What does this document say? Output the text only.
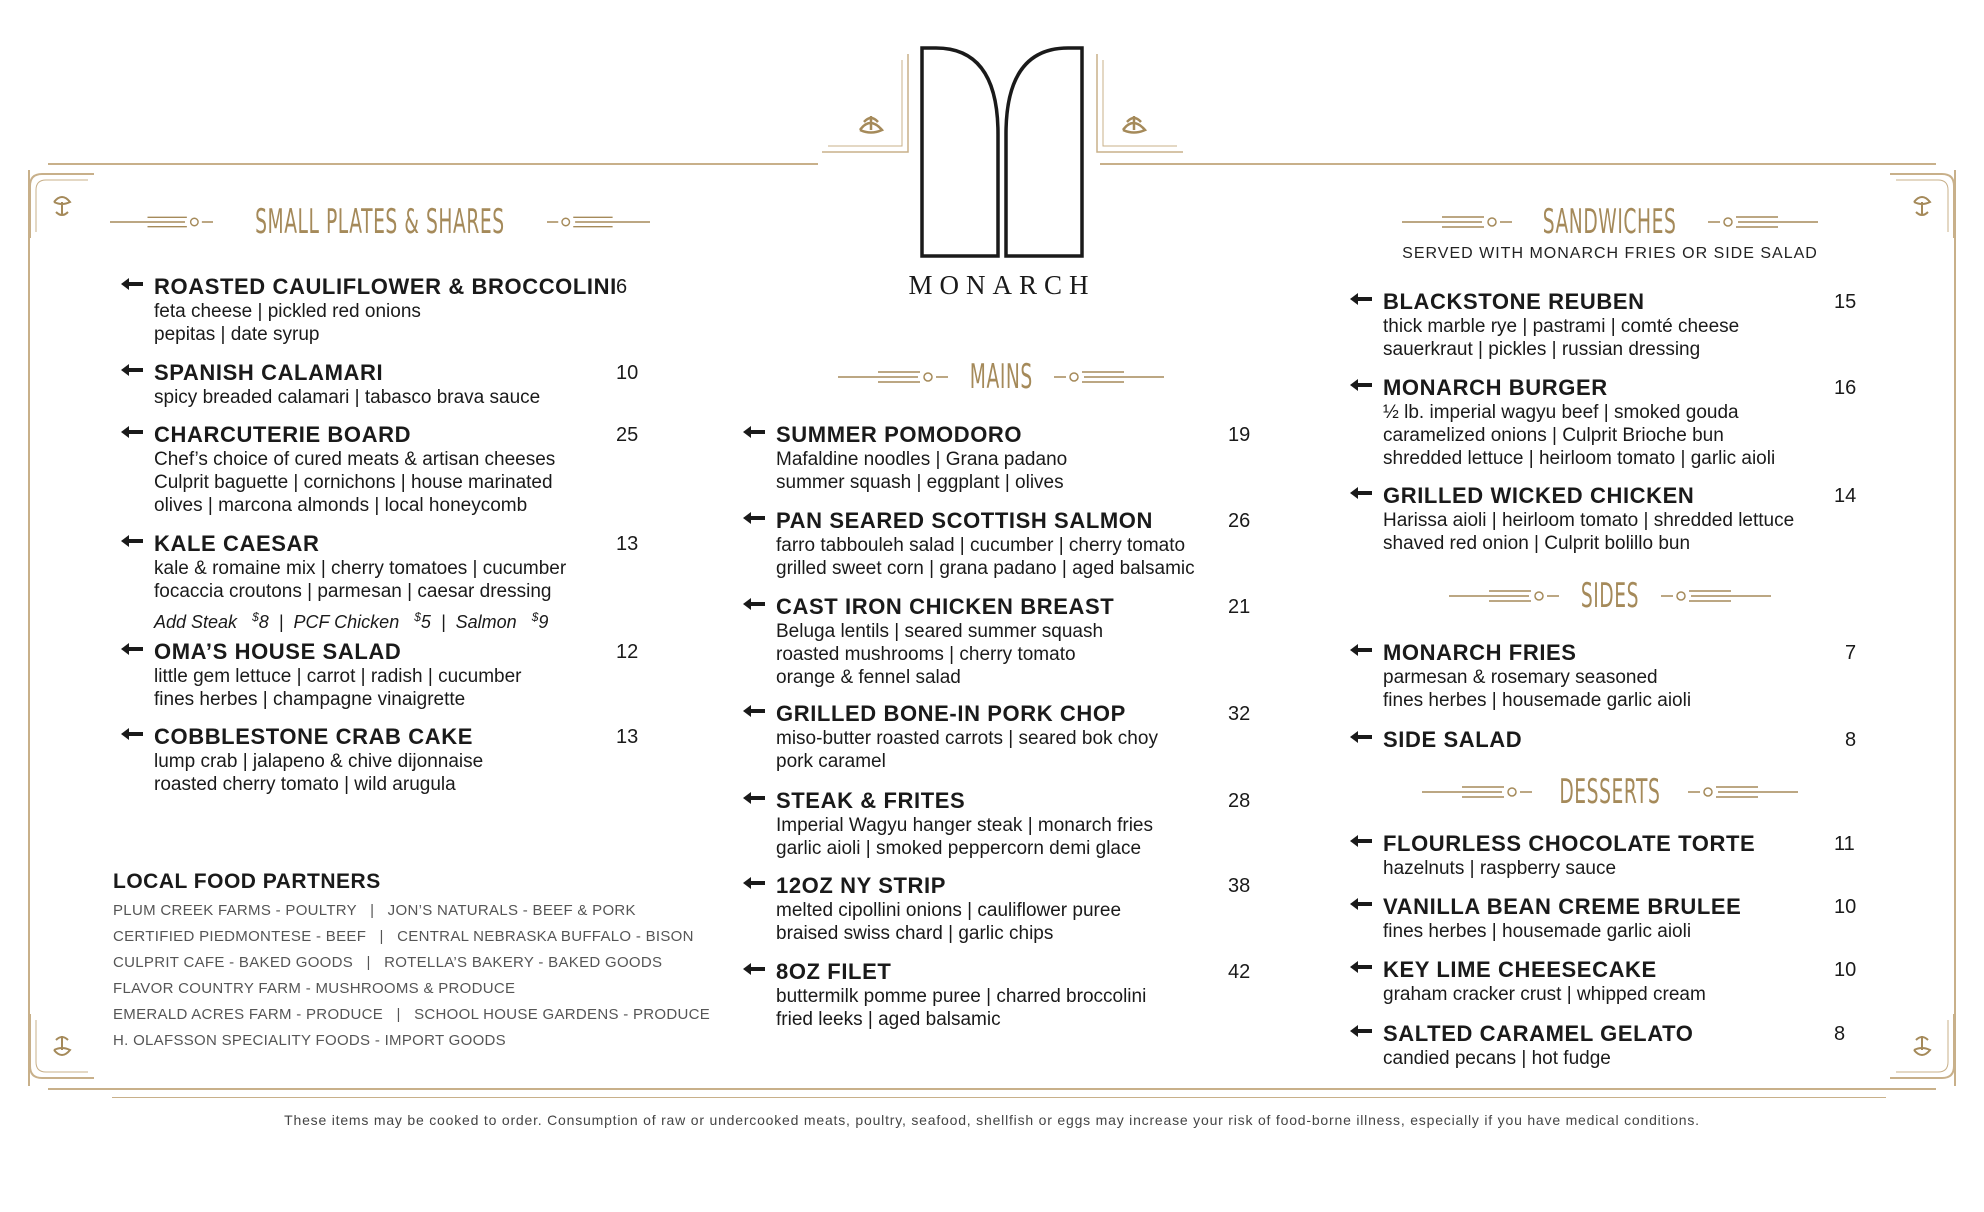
MONARCH
SMALL PLATES & SHARES
MAINS
SANDWICHES
SERVED WITH MONARCH FRIES OR SIDE SALAD
SIDES
DESSERTS
ROASTED CAULIFLOWER & BROCCOLINI 6
feta cheese | pickled red onions
pepitas | date syrup
SPANISH CALAMARI	10
spicy breaded calamari | tabasco brava sauce
CHARCUTERIE BOARD	25
Chef’s choice of cured meats & artisan cheeses
Culprit baguette | cornichons | house marinated
olives | marcona almonds | local honeycomb
KALE CAESAR	13
kale & romaine mix | cherry tomatoes | cucumber
focaccia croutons | parmesan | caesar dressing
OMA’S HOUSE SALAD	12
little gem lettuce | carrot | radish | cucumber
fines herbes | champagne vinaigrette
COBBLESTONE CRAB CAKE	13
lump crab | jalapeno & chive dijonnaise
roasted cherry tomato | wild arugula
SUMMER POMODORO	19
Mafaldine noodles | Grana padano
summer squash | eggplant | olives
PAN SEARED SCOTTISH SALMON	26
farro tabbouleh salad | cucumber | cherry tomato
grilled sweet corn | grana padano | aged balsamic
CAST IRON CHICKEN BREAST	21
Beluga lentils | seared summer squash
roasted mushrooms | cherry tomato
orange & fennel salad
GRILLED BONE-IN PORK CHOP	32
miso-butter roasted carrots | seared bok choy
pork caramel
STEAK & FRITES	28
Imperial Wagyu hanger steak | monarch fries
garlic aioli | smoked peppercorn demi glace
12OZ NY STRIP	38
melted cipollini onions | cauliflower puree
braised swiss chard | garlic chips
8OZ FILET	42
buttermilk pomme puree | charred broccolini
fried leeks | aged balsamic
BLACKSTONE REUBEN	15
thick marble rye | pastrami | comté cheese
sauerkraut | pickles | russian dressing
MONARCH BURGER	16
½ lb. imperial wagyu beef | smoked gouda
caramelized onions | Culprit Brioche bun
shredded lettuce | heirloom tomato | garlic aioli
GRILLED WICKED CHICKEN	14
Harissa aioli | heirloom tomato | shredded lettuce
shaved red onion | Culprit bolillo bun
MONARCH FRIES	7
parmesan & rosemary seasoned
fines herbes | housemade garlic aioli
SIDE SALAD	8
FLOURLESS CHOCOLATE TORTE	11
hazelnuts | raspberry sauce
VANILLA BEAN CREME BRULEE	10
fines herbes | housemade garlic aioli
KEY LIME CHEESECAKE	10
graham cracker crust | whipped cream
SALTED CARAMEL GELATO	8
candied pecans | hot fudge
Add Steak $8 | PCF Chicken $5 | Salmon $9
LOCAL FOOD PARTNERS
PLUM CREEK FARMS - POULTRY   |   JON’S NATURALS - BEEF & PORK
CERTIFIED PIEDMONTESE - BEEF   |   CENTRAL NEBRASKA BUFFALO - BISON
CULPRIT CAFE - BAKED GOODS   |   ROTELLA’S BAKERY - BAKED GOODS
FLAVOR COUNTRY FARM - MUSHROOMS & PRODUCE
EMERALD ACRES FARM - PRODUCE   |   SCHOOL HOUSE GARDENS - PRODUCE
H. OLAFSSON SPECIALITY FOODS - IMPORT GOODS
These items may be cooked to order. Consumption of raw or undercooked meats, poultry, seafood, shellfish or eggs may increase your risk of food-borne illness, especially if you have medical conditions.
